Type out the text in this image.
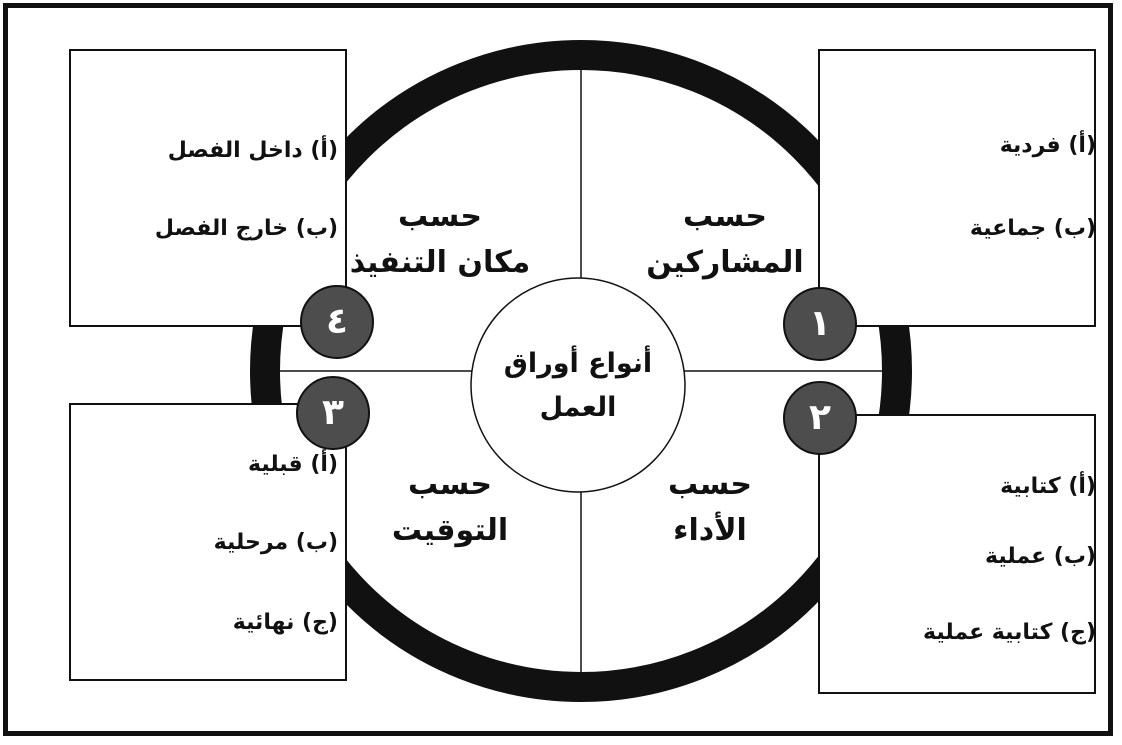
أنواع أوراق
العمل
حسب
المشاركين
حسب
مكان التنفيذ
حسب
التوقيت
حسب
الأداء
(أ) فردية
(ب) جماعية
(أ) داخل الفصل
(ب) خارج الفصل
(أ) قبلية
(ب) مرحلية
(ج) نهائية
(أ) كتابية
(ب) عملية
(ج) كتابية عملية
١
٢
٣
٤
